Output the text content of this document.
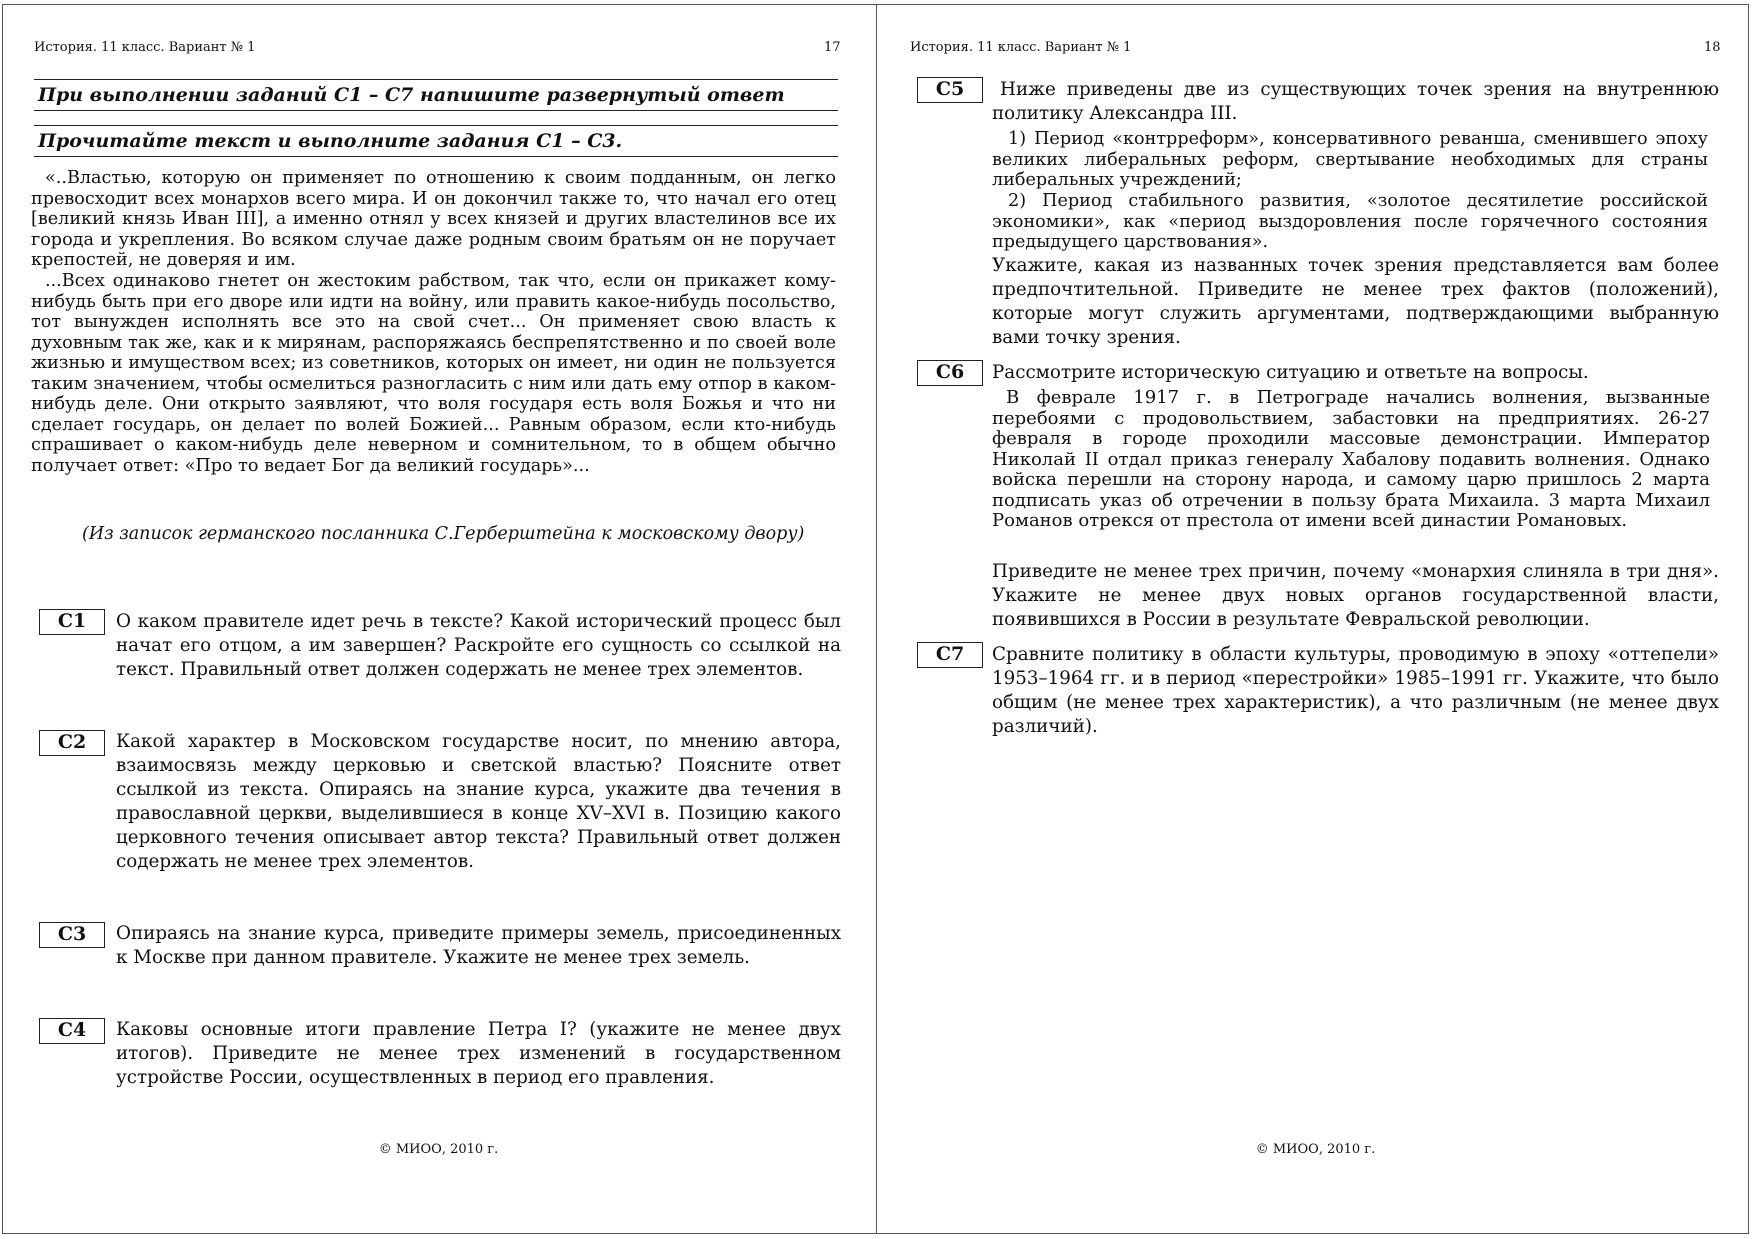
История. 11 класс. Вариант № 1	17

При выполнении заданий С1 – С7 напишите развернутый ответ

Прочитайте текст и выполните задания С1 – С3.

«..Властью, которую он применяет по отношению к своим подданным, он легко превосходит всех монархов всего мира. И он докончил также то, что начал его отец [великий князь Иван III], а именно отнял у всех князей и других властелинов все их города и укрепления. Во всяком случае даже родным своим братьям он не поручает крепостей, не доверяя и им.

...Всех одинаково гнетет он жестоким рабством, так что, если он прикажет кому-нибудь быть при его дворе или идти на войну, или править какое-нибудь посольство, тот вынужден исполнять все это на свой счет... Он применяет свою власть к духовным так же, как и к мирянам, распоряжаясь беспрепятственно и по своей воле жизнью и имуществом всех; из советников, которых он имеет, ни один не пользуется таким значением, чтобы осмелиться разногласить с ним или дать ему отпор в каком-нибудь деле. Они открыто заявляют, что воля государя есть воля Божья и что ни сделает государь, он делает по волей Божией... Равным образом, если кто-нибудь спрашивает о каком-нибудь деле неверном и сомнительном, то в общем обычно получает ответ: «Про то ведает Бог да великий государь»...

(Из записок германского посланника С.Герберштейна к московскому двору)

С1	О каком правителе идет речь в тексте? Какой исторический процесс был начат его отцом, а им завершен? Раскройте его сущность со ссылкой на текст. Правильный ответ должен содержать не менее трех элементов.

С2	Какой характер в Московском государстве носит, по мнению автора, взаимосвязь между церковью и светской властью? Поясните ответ ссылкой из текста. Опираясь на знание курса, укажите два течения в православной церкви, выделившиеся в конце XV–XVI в. Позицию какого церковного течения описывает автор текста? Правильный ответ должен содержать не менее трех элементов.

С3	Опираясь на знание курса, приведите примеры земель, присоединенных к Москве при данном правителе. Укажите не менее трех земель.

С4	Каковы основные итоги правление Петра I? (укажите не менее двух итогов). Приведите не менее трех изменений в государственном устройстве России, осуществленных в период его правления.

© МИОО, 2010 г.
История. 11 класс. Вариант № 1	18
С5	Ниже приведены две из существующих точек зрения на внутреннюю политику Александра III.

1) Период «контрреформ», консервативного реванша, сменившего эпоху великих либеральных реформ, свертывание необходимых для страны либеральных учреждений;

2) Период стабильного развития, «золотое десятилетие российской экономики», как «период выздоровления после горячечного состояния предыдущего царствования».

Укажите, какая из названных точек зрения представляется вам более предпочтительной. Приведите не менее трех фактов (положений), которые могут служить аргументами, подтверждающими выбранную вами точку зрения.

С6	Рассмотрите историческую ситуацию и ответьте на вопросы.

В феврале 1917 г. в Петрограде начались волнения, вызванные перебоями с продовольствием, забастовки на предприятиях. 26-27 февраля в городе проходили массовые демонстрации. Император Николай II отдал приказ генералу Хабалову подавить волнения. Однако войска перешли на сторону народа, и самому царю пришлось 2 марта подписать указ об отречении в пользу брата Михаила. 3 марта Михаил Романов отрекся от престола от имени всей династии Романовых.

Приведите не менее трех причин, почему «монархия слиняла в три дня». Укажите не менее двух новых органов государственной власти, появившихся в России в результате Февральской революции.

С7	Сравните политику в области культуры, проводимую в эпоху «оттепели» 1953–1964 гг. и в период «перестройки» 1985–1991 гг. Укажите, что было общим (не менее трех характеристик), а что различным (не менее двух различий).

© МИОО, 2010 г.
